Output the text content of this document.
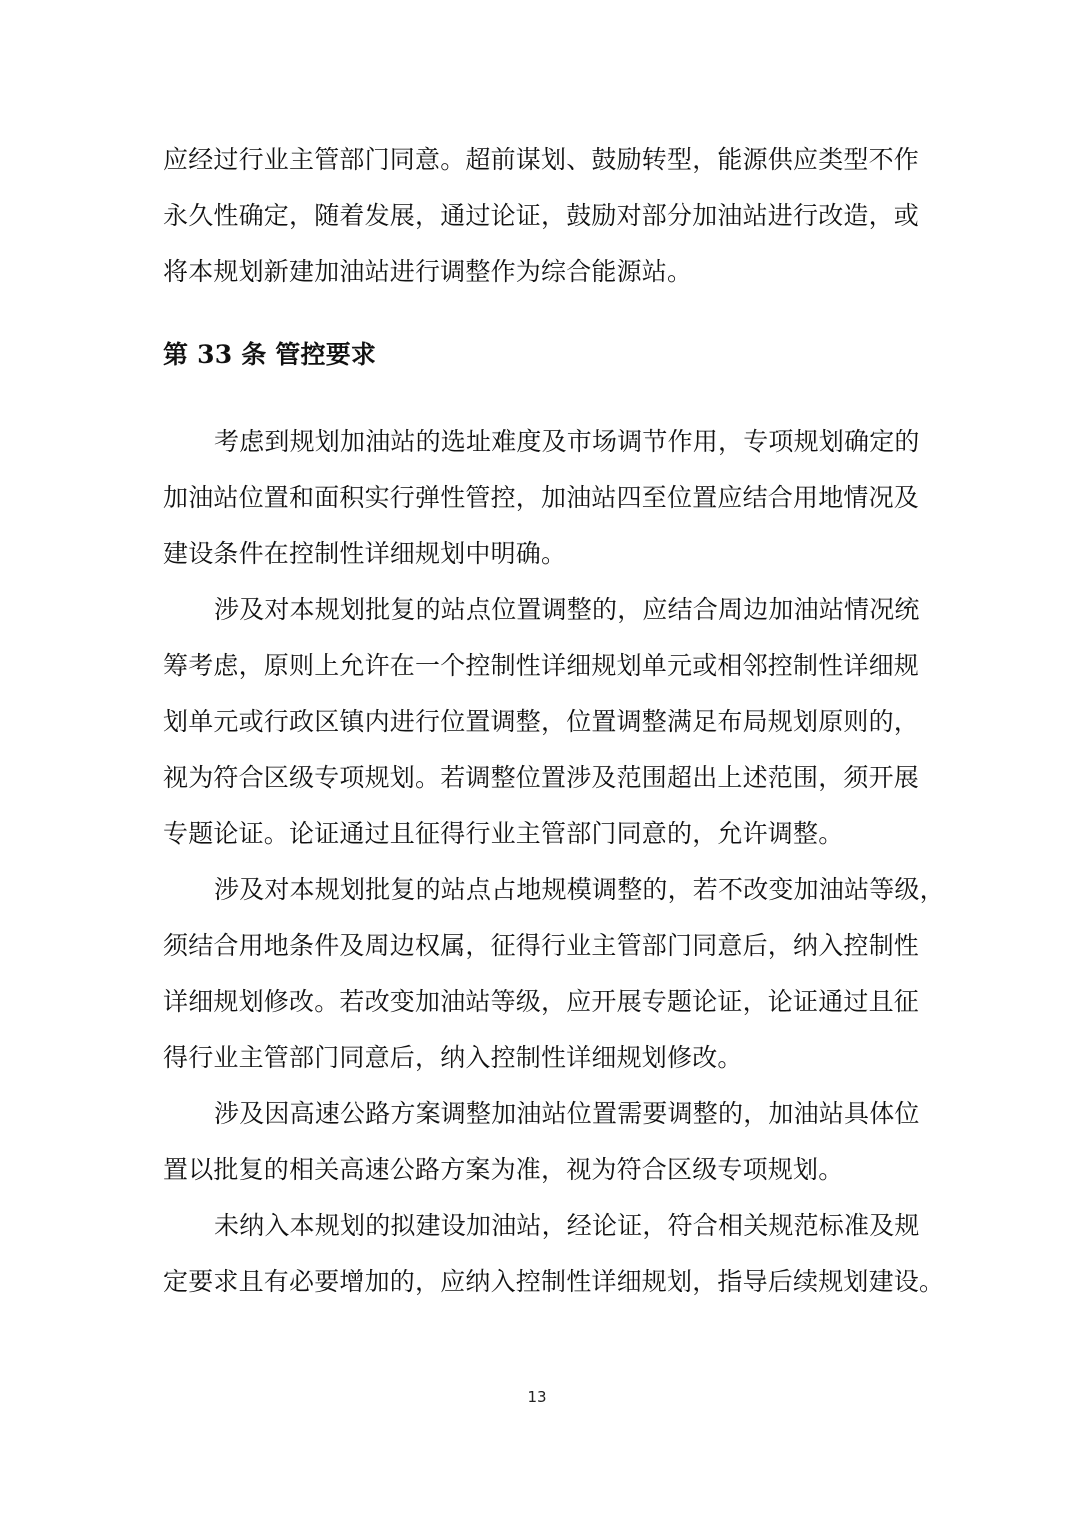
应经过行业主管部门同意。超前谋划、鼓励转型，能源供应类型不作
永久性确定，随着发展，通过论证，鼓励对部分加油站进行改造，或
将本规划新建加油站进行调整作为综合能源站。
第 33 条 管控要求
考虑到规划加油站的选址难度及市场调节作用，专项规划确定的
加油站位置和面积实行弹性管控，加油站四至位置应结合用地情况及
建设条件在控制性详细规划中明确。
涉及对本规划批复的站点位置调整的，应结合周边加油站情况统
筹考虑，原则上允许在一个控制性详细规划单元或相邻控制性详细规
划单元或行政区镇内进行位置调整，位置调整满足布局规划原则的，
视为符合区级专项规划。若调整位置涉及范围超出上述范围，须开展
专题论证。论证通过且征得行业主管部门同意的，允许调整。
涉及对本规划批复的站点占地规模调整的，若不改变加油站等级，
须结合用地条件及周边权属，征得行业主管部门同意后，纳入控制性
详细规划修改。若改变加油站等级，应开展专题论证，论证通过且征
得行业主管部门同意后，纳入控制性详细规划修改。
涉及因高速公路方案调整加油站位置需要调整的，加油站具体位
置以批复的相关高速公路方案为准，视为符合区级专项规划。
未纳入本规划的拟建设加油站，经论证，符合相关规范标准及规
定要求且有必要增加的，应纳入控制性详细规划，指导后续规划建设。
13
